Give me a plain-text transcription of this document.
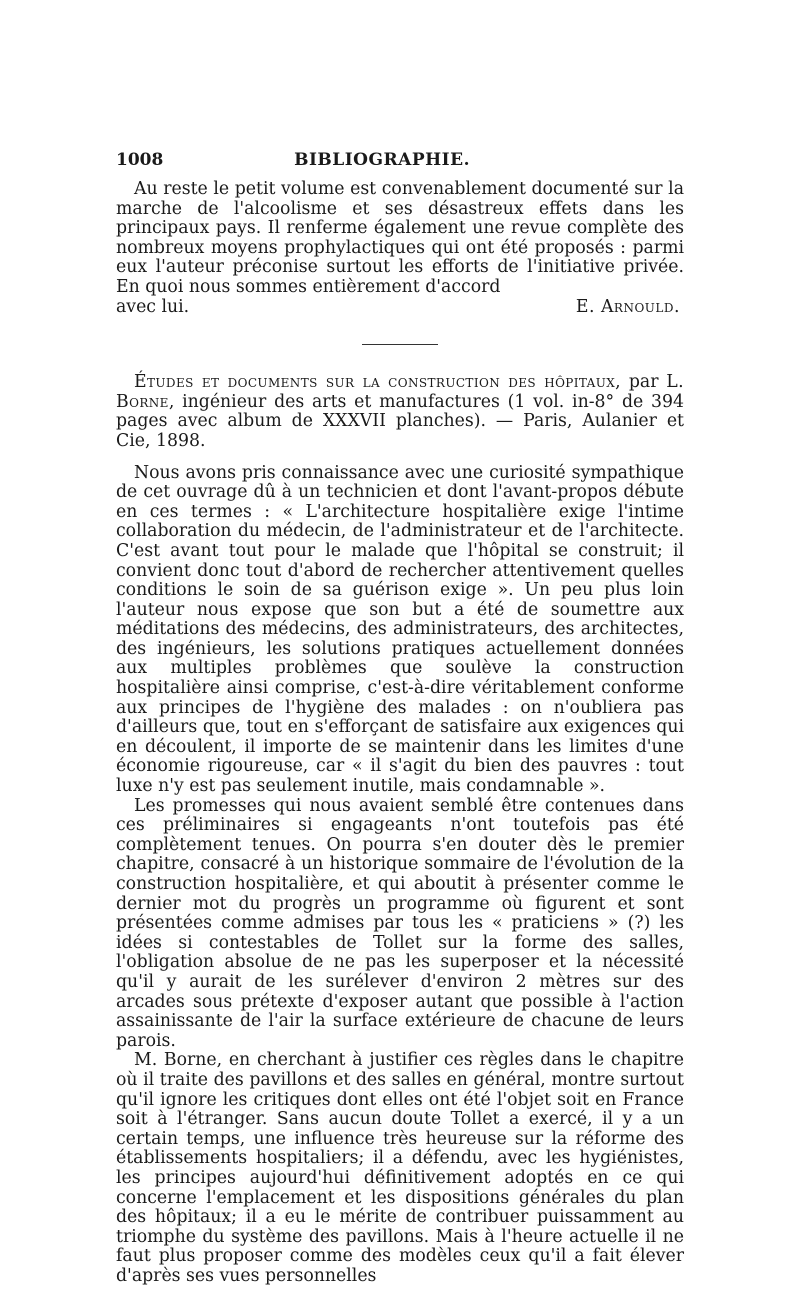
1008	BIBLIOGRAPHIE.

Au reste le petit volume est convenablement documenté sur la marche de l'alcoolisme et ses désastreux effets dans les principaux pays. Il renferme également une revue complète des nombreux moyens prophylactiques qui ont été proposés : parmi eux l'auteur préconise surtout les efforts de l'initiative privée. En quoi nous sommes entièrement d'accord

avec lui.	E. Arnould.

Études et documents sur la construction des hôpitaux, par L. Borne, ingénieur des arts et manufactures (1 vol. in-8° de 394 pages avec album de XXXVII planches). — Paris, Aulanier et Cie, 1898.

Nous avons pris connaissance avec une curiosité sympathique de cet ouvrage dû à un technicien et dont l'avant-propos débute en ces termes : « L'architecture hospitalière exige l'intime collaboration du médecin, de l'administrateur et de l'architecte. C'est avant tout pour le malade que l'hôpital se construit; il convient donc tout d'abord de rechercher attentivement quelles conditions le soin de sa guérison exige ». Un peu plus loin l'auteur nous expose que son but a été de soumettre aux méditations des médecins, des administrateurs, des architectes, des ingénieurs, les solutions pratiques actuellement données aux multiples problèmes que soulève la construction hospitalière ainsi comprise, c'est-à-dire véritablement conforme aux principes de l'hygiène des malades : on n'oubliera pas d'ailleurs que, tout en s'efforçant de satisfaire aux exigences qui en découlent, il importe de se maintenir dans les limites d'une économie rigoureuse, car « il s'agit du bien des pauvres : tout luxe n'y est pas seulement inutile, mais condamnable ».

Les promesses qui nous avaient semblé être contenues dans ces préliminaires si engageants n'ont toutefois pas été complètement tenues. On pourra s'en douter dès le premier chapitre, consacré à un historique sommaire de l'évolution de la construction hospitalière, et qui aboutit à présenter comme le dernier mot du progrès un programme où figurent et sont présentées comme admises par tous les « praticiens » (?) les idées si contestables de Tollet sur la forme des salles, l'obligation absolue de ne pas les superposer et la nécessité qu'il y aurait de les surélever d'environ 2 mètres sur des arcades sous prétexte d'exposer autant que possible à l'action assainissante de l'air la surface extérieure de chacune de leurs parois.

M. Borne, en cherchant à justifier ces règles dans le chapitre où il traite des pavillons et des salles en général, montre surtout qu'il ignore les critiques dont elles ont été l'objet soit en France soit à l'étranger. Sans aucun doute Tollet a exercé, il y a un certain temps, une influence très heureuse sur la réforme des établissements hospitaliers; il a défendu, avec les hygiénistes, les principes aujourd'hui définitivement adoptés en ce qui concerne l'emplacement et les dispositions générales du plan des hôpitaux; il a eu le mérite de contribuer puissamment au triomphe du système des pavillons. Mais à l'heure actuelle il ne faut plus proposer comme des modèles ceux qu'il a fait élever d'après ses vues personnelles
